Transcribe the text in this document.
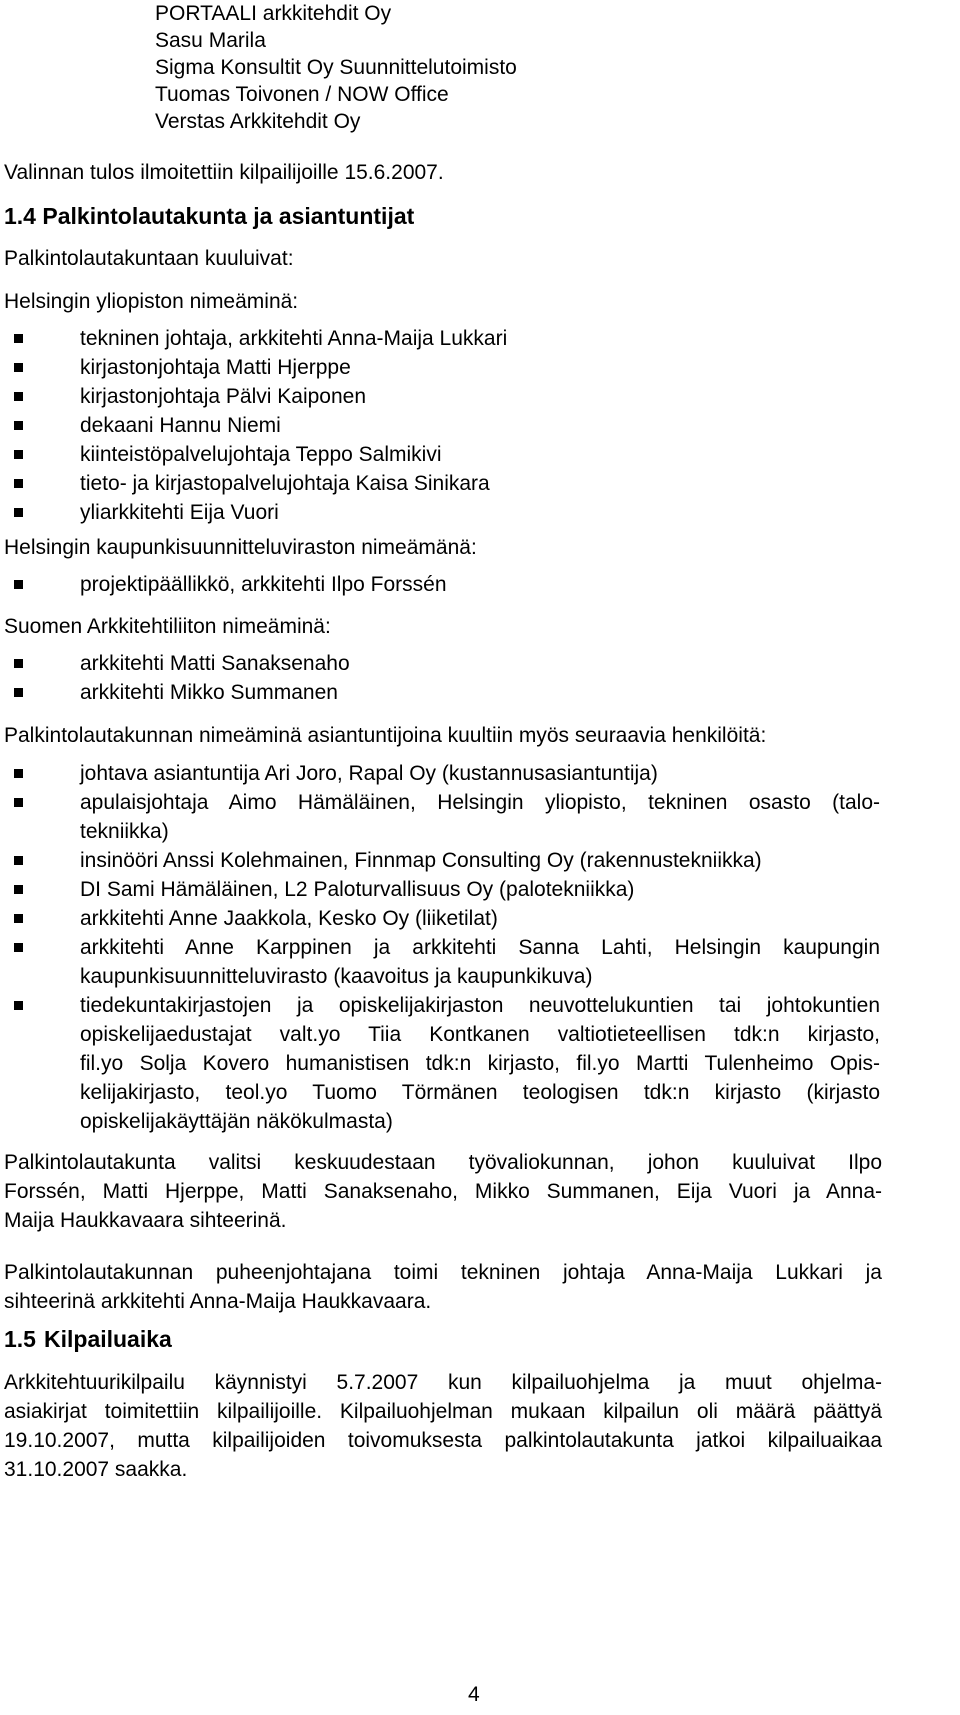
PORTAALI arkkitehdit Oy
Sasu Marila
Sigma Konsultit Oy Suunnittelutoimisto
Tuomas Toivonen / NOW Office
Verstas Arkkitehdit Oy
Valinnan tulos ilmoitettiin kilpailijoille 15.6.2007.
1.4 Palkintolautakunta ja asiantuntijat
Palkintolautakuntaan kuuluivat:
Helsingin yliopiston nimeäminä:
tekninen johtaja, arkkitehti Anna-Maija Lukkari
kirjastonjohtaja Matti Hjerppe
kirjastonjohtaja Pälvi Kaiponen
dekaani Hannu Niemi
kiinteistöpalvelujohtaja Teppo Salmikivi
tieto- ja kirjastopalvelujohtaja Kaisa Sinikara
yliarkkitehti Eija Vuori
Helsingin kaupunkisuunnitteluviraston nimeämänä:
projektipäällikkö, arkkitehti Ilpo Forssén
Suomen Arkkitehtiliiton nimeäminä:
arkkitehti Matti Sanaksenaho
arkkitehti Mikko Summanen
Palkintolautakunnan nimeäminä asiantuntijoina kuultiin myös seuraavia henkilöitä:
johtava asiantuntija Ari Joro, Rapal Oy (kustannusasiantuntija)
apulaisjohtaja Aimo Hämäläinen, Helsingin yliopisto, tekninen osasto (talo-
tekniikka)
insinööri Anssi Kolehmainen, Finnmap Consulting Oy (rakennustekniikka)
DI Sami Hämäläinen, L2 Paloturvallisuus Oy (palotekniikka)
arkkitehti Anne Jaakkola, Kesko Oy (liiketilat)
arkkitehti Anne Karppinen ja arkkitehti Sanna Lahti, Helsingin kaupungin
kaupunkisuunnitteluvirasto (kaavoitus ja kaupunkikuva)
tiedekuntakirjastojen ja opiskelijakirjaston neuvottelukuntien tai johtokuntien
opiskelijaedustajat valt.yo Tiia Kontkanen valtiotieteellisen tdk:n kirjasto,
fil.yo Solja Kovero humanistisen tdk:n kirjasto, fil.yo Martti Tulenheimo Opis-
kelijakirjasto, teol.yo Tuomo Törmänen teologisen tdk:n kirjasto (kirjasto
opiskelijakäyttäjän näkökulmasta)
Palkintolautakunta valitsi keskuudestaan työvaliokunnan, johon kuuluivat Ilpo
Forssén, Matti Hjerppe, Matti Sanaksenaho, Mikko Summanen, Eija Vuori ja Anna-
Maija Haukkavaara sihteerinä.
Palkintolautakunnan puheenjohtajana toimi tekninen johtaja Anna-Maija Lukkari ja
sihteerinä arkkitehti Anna-Maija Haukkavaara.
1.5 Kilpailuaika
Arkkitehtuurikilpailu käynnistyi 5.7.2007 kun kilpailuohjelma ja muut ohjelma-
asiakirjat toimitettiin kilpailijoille. Kilpailuohjelman mukaan kilpailun oli määrä päättyä
19.10.2007, mutta kilpailijoiden toivomuksesta palkintolautakunta jatkoi kilpailuaikaa
31.10.2007 saakka.
4
